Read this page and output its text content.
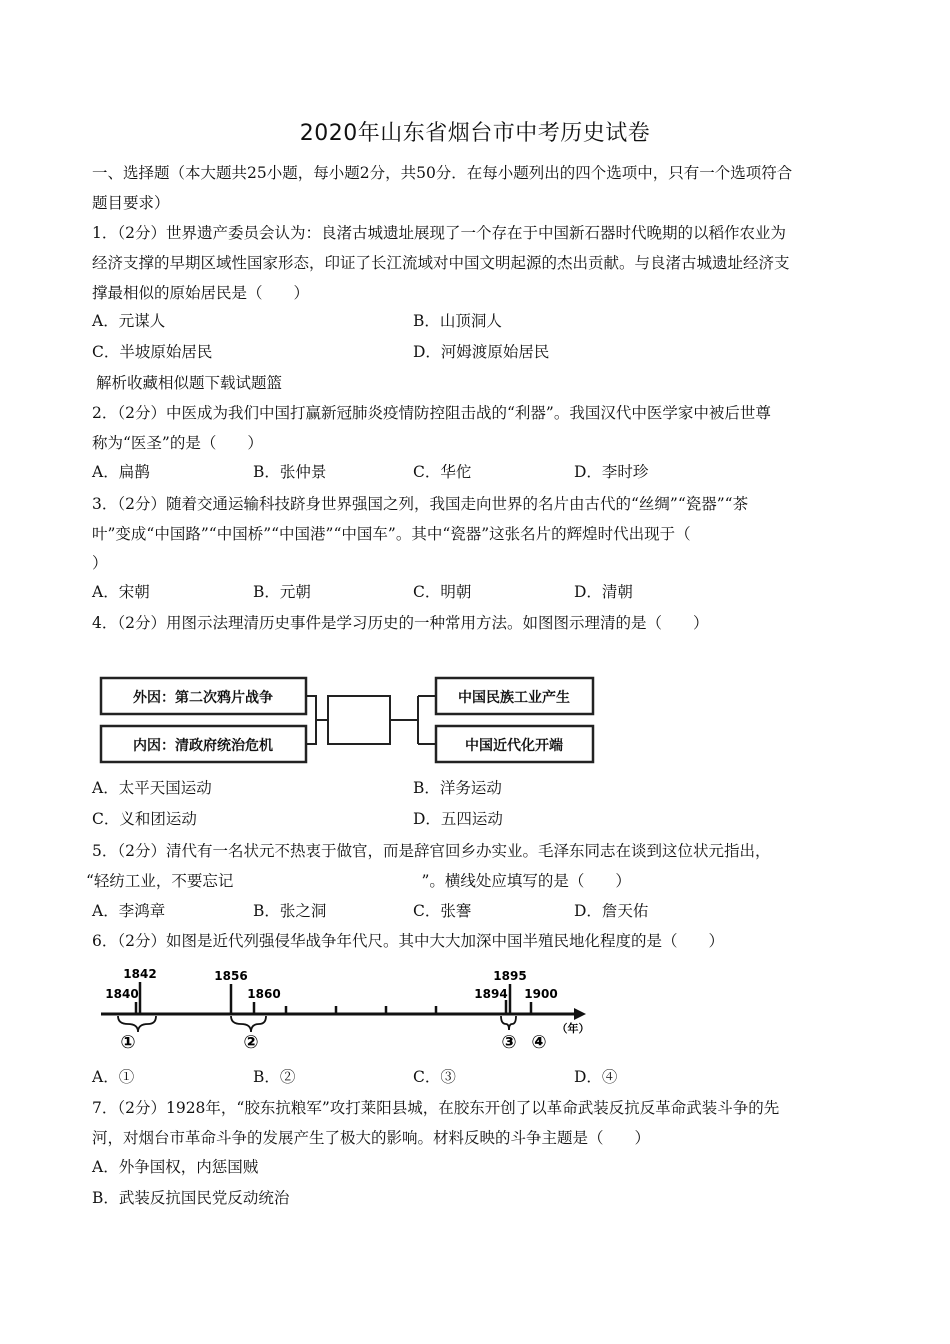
2020年山东省烟台市中考历史试卷
一、选择题（本大题共25小题，每小题2分，共50分．在每小题列出的四个选项中，只有一个选项符合
题目要求）
1．（2分）世界遗产委员会认为：良渚古城遗址展现了一个存在于中国新石器时代晚期的以稻作农业为
经济支撑的早期区域性国家形态，印证了长江流域对中国文明起源的杰出贡献。与良渚古城遗址经济支
撑最相似的原始居民是（　　）
A．元谋人	B．山顶洞人
C．半坡原始居民	D．河姆渡原始居民
解析收藏相似题下载试题篮
2．（2分）中医成为我们中国打赢新冠肺炎疫情防控阻击战的“利器”。我国汉代中医学家中被后世尊
称为“医圣”的是（　　）
A．扁鹊	B．张仲景	C．华佗	D．李时珍
3．（2分）随着交通运输科技跻身世界强国之列，我国走向世界的名片由古代的“丝绸”“瓷器”“茶
叶”变成“中国路”“中国桥”“中国港”“中国车”。其中“瓷器”这张名片的辉煌时代出现于（
）
A．宋朝	B．元朝	C．明朝	D．清朝
4．（2分）用图示法理清历史事件是学习历史的一种常用方法。如图图示理清的是（　　）
外因：第二次鸦片战争
内因：清政府统治危机
中国民族工业产生
中国近代化开端
A．太平天国运动	B．洋务运动
C．义和团运动	D．五四运动
5．（2分）清代有一名状元不热衷于做官，而是辞官回乡办实业。毛泽东同志在谈到这位状元指出，
“轻纺工业，不要忘记	”。横线处应填写的是（　　）
A．李鸿章	B．张之洞	C．张謇	D．詹天佑
6．（2分）如图是近代列强侵华战争年代尺。其中大大加深中国半殖民地化程度的是（　　）
1842
1840
1856
1860
1895
1894 1900
①	②	③ ④
（年）
A．①	B．②	C．③	D．④
7．（2分）1928年，“胶东抗粮军”攻打莱阳县城，在胶东开创了以革命武装反抗反革命武装斗争的先
河，对烟台市革命斗争的发展产生了极大的影响。材料反映的斗争主题是（　　）
A．外争国权，内惩国贼
B．武装反抗国民党反动统治
